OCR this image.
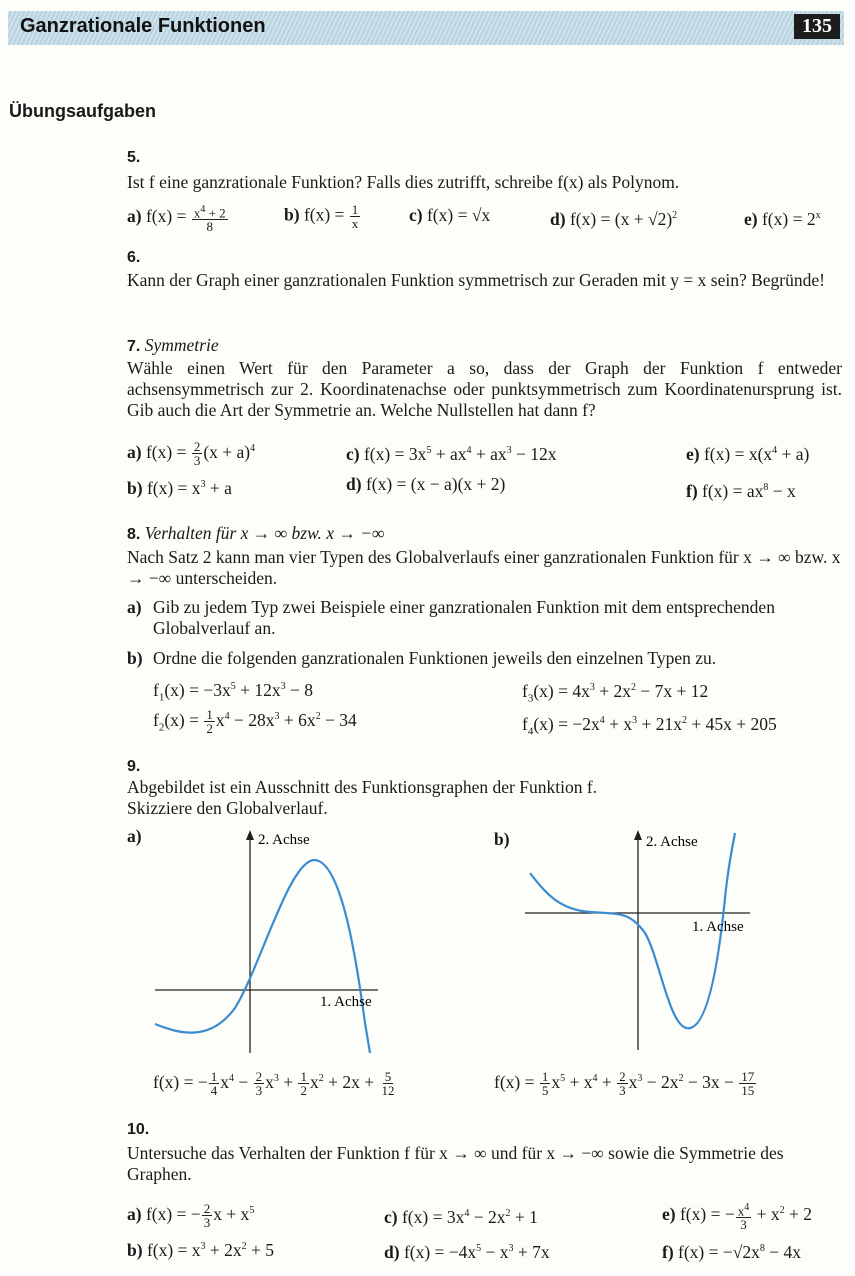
Ganzrationale Funktionen	135
Übungsaufgaben
5.
Ist f eine ganzrationale Funktion? Falls dies zutrifft, schreibe f(x) als Polynom.
a) $f(x) = \frac{x^4 + 2}{8}$	b) $f(x) = \frac{1}{x}$	c) f(x) = √x	d) $f(x) = (x + √2)^2$	e) $f(x) = 2^x$
6.
Kann der Graph einer ganzrationalen Funktion symmetrisch zur Geraden mit y = x sein? Begründe!
7. Symmetrie
Wähle einen Wert für den Parameter a so, dass der Graph der Funktion f entweder achsensymmetrisch zur 2. Koordinatenachse oder punktsymmetrisch zum Koordinatenursprung ist. Gib auch die Art der Symmetrie an. Welche Nullstellen hat dann f?
a) $f(x) = \frac{2}{3} (x + a)^4$	c) $f(x) = 3x^5 + ax^4 + ax^3 - 12x$	e) $f(x) = x(x^4 + a)$
b) $f(x) = x^3 + a$	d) f(x) = (x − a)(x + 2)	f) $f(x) = ax^8 - x$
8. Verhalten für x → ∞ bzw. x → −∞
Nach Satz 2 kann man vier Typen des Globalverlaufs einer ganzrationalen Funktion für x → ∞ bzw. x → −∞ unterscheiden.
a) Gib zu jedem Typ zwei Beispiele einer ganzrationalen Funktion mit dem entsprechenden Globalverlauf an.
b) Ordne die folgenden ganzrationalen Funktionen jeweils den einzelnen Typen zu.
$f_1(x) = -3x^5 + 12x^3 - 8$	$f_3(x) = 4x^3 + 2x^2 - 7x + 12$
$f_2(x) = \frac{1}{2} x^4 - 28x^3 + 6x^2 - 34$	$f_4(x) = -2x^4 + x^3 + 21x^2 + 45x + 205$
9.
Abgebildet ist ein Ausschnitt des Funktionsgraphen der Funktion f.
Skizziere den Globalverlauf.
a)	b)
2. Achse
1. Achse
2. Achse
1. Achse
f(x) = − $\frac{1}{4} x^4 - \frac{2}{3} x^3 + \frac{1}{2} x^2 + 2x + \frac{5}{12}$	$f(x) = \frac{1}{5} x^5 + x^4 + \frac{2}{3} x^3 - 2x^2 - 3x - \frac{17}{15}$
10.
Untersuche das Verhalten der Funktion f für x → ∞ und für x → −∞ sowie die Symmetrie des Graphen.
a) f(x) = − $\frac{2}{3}$ $x + x^5$	c) $f(x) = 3x^4 - 2x^2 + 1$	e) f(x) = − $\frac{x^4}{3} + x^2 + 2$
b) $f(x) = x^3 + 2x^2 + 5$	d) $f(x) = -4x^5 - x^3 + 7x$	f) $f(x) = -√2x^8 - 4x$
